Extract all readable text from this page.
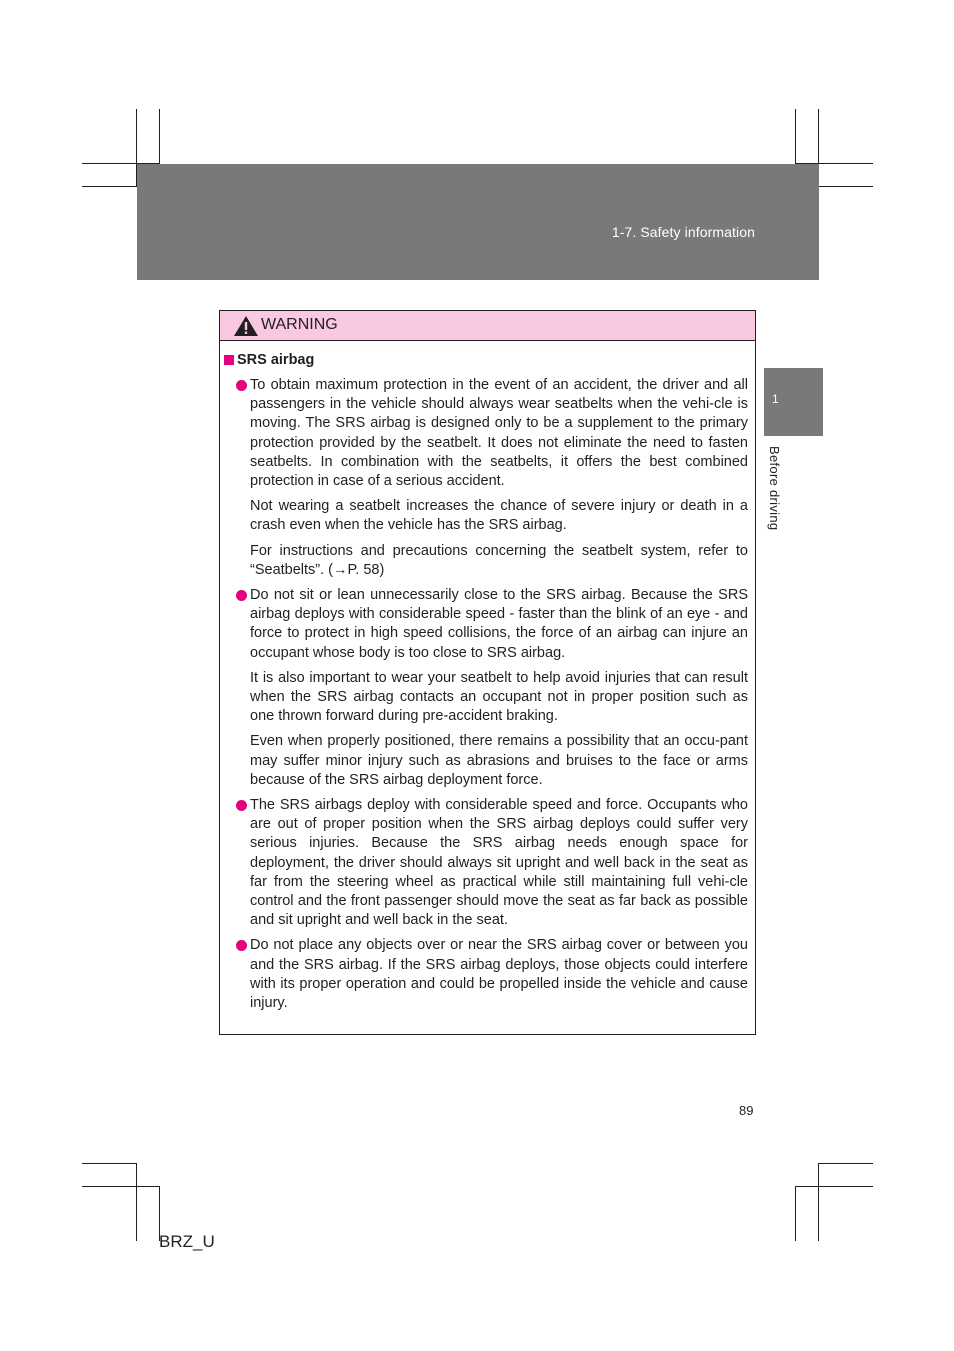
1-7. Safety information
1
Before driving
WARNING
SRS airbag

To obtain maximum protection in the event of an accident, the driver and all passengers in the vehicle should always wear seatbelts when the vehi-cle is moving. The SRS airbag is designed only to be a supplement to the primary protection provided by the seatbelt. It does not eliminate the need to fasten seatbelts. In combination with the seatbelts, it offers the best combined protection in case of a serious accident.

Not wearing a seatbelt increases the chance of severe injury or death in a crash even when the vehicle has the SRS airbag.

For instructions and precautions concerning the seatbelt system, refer to “Seatbelts”. (→P. 58)

Do not sit or lean unnecessarily close to the SRS airbag. Because the SRS airbag deploys with considerable speed - faster than the blink of an eye - and force to protect in high speed collisions, the force of an airbag can injure an occupant whose body is too close to SRS airbag.

It is also important to wear your seatbelt to help avoid injuries that can result when the SRS airbag contacts an occupant not in proper position such as one thrown forward during pre-accident braking.

Even when properly positioned, there remains a possibility that an occu-pant may suffer minor injury such as abrasions and bruises to the face or arms because of the SRS airbag deployment force.

The SRS airbags deploy with considerable speed and force. Occupants who are out of proper position when the SRS airbag deploys could suffer very serious injuries. Because the SRS airbag needs enough space for deployment, the driver should always sit upright and well back in the seat as far from the steering wheel as practical while still maintaining full vehi-cle control and the front passenger should move the seat as far back as possible and sit upright and well back in the seat.

Do not place any objects over or near the SRS airbag cover or between you and the SRS airbag. If the SRS airbag deploys, those objects could interfere with its proper operation and could be propelled inside the vehicle and cause injury.

89
BRZ_U
